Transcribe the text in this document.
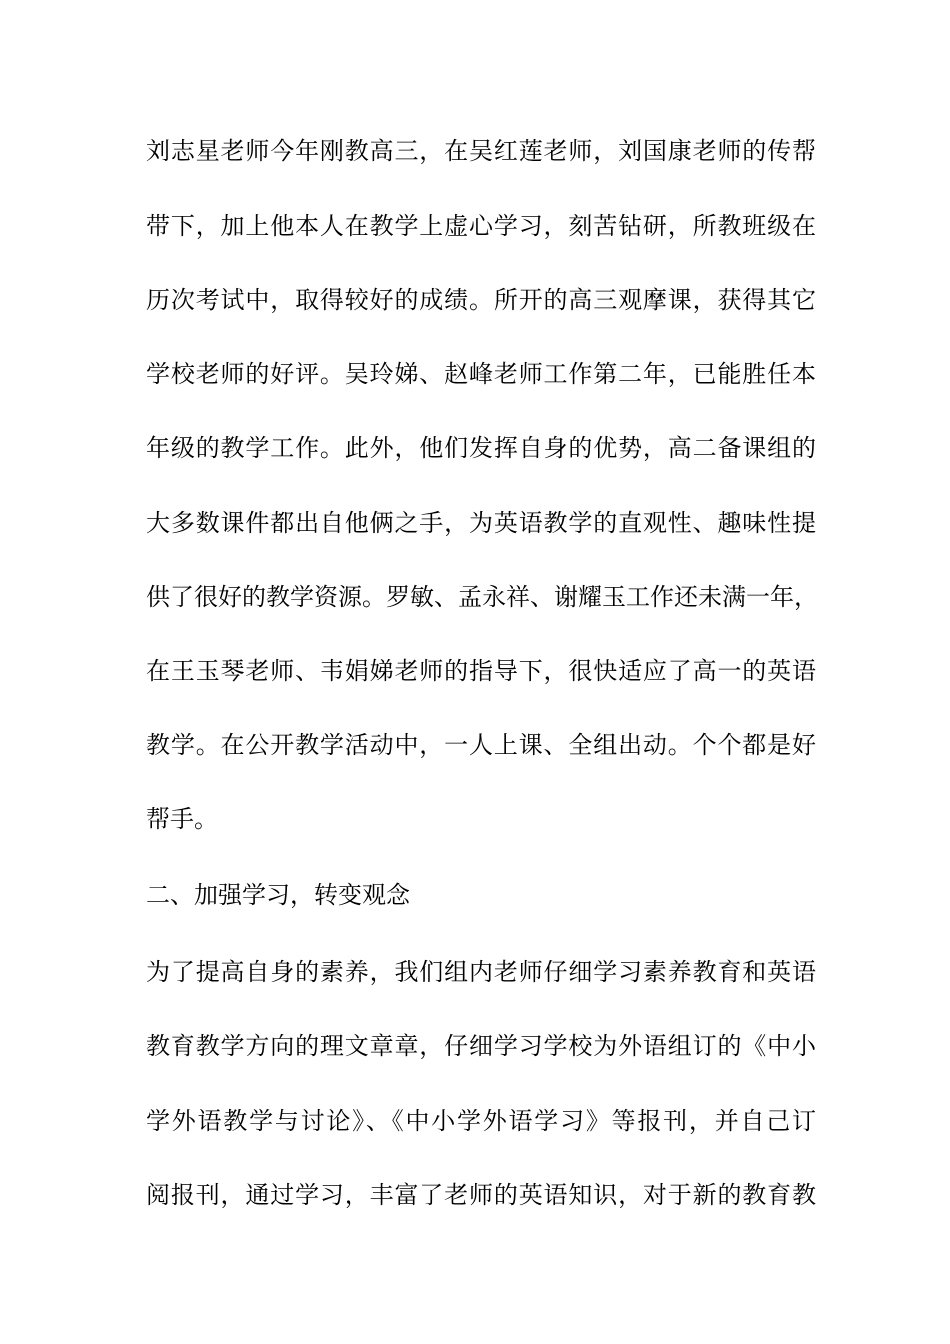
刘志星老师今年刚教高三，在吴红莲老师，刘国康老师的传帮
带下，加上他本人在教学上虚心学习，刻苦钻研，所教班级在
历次考试中，取得较好的成绩。所开的高三观摩课，获得其它
学校老师的好评。吴玲娣、赵峰老师工作第二年，已能胜任本
年级的教学工作。此外，他们发挥自身的优势，高二备课组的
大多数课件都出自他俩之手，为英语教学的直观性、趣味性提
供了很好的教学资源。罗敏、孟永祥、谢耀玉工作还未满一年，
在王玉琴老师、韦娟娣老师的指导下，很快适应了高一的英语
教学。在公开教学活动中，一人上课、全组出动。个个都是好
帮手。
二、加强学习，转变观念
为了提高自身的素养，我们组内老师仔细学习素养教育和英语
教育教学方向的理文章章，仔细学习学校为外语组订的《中小
学外语教学与讨论》、《中小学外语学习》等报刊，并自己订
阅报刊，通过学习，丰富了老师的英语知识，对于新的教育教
